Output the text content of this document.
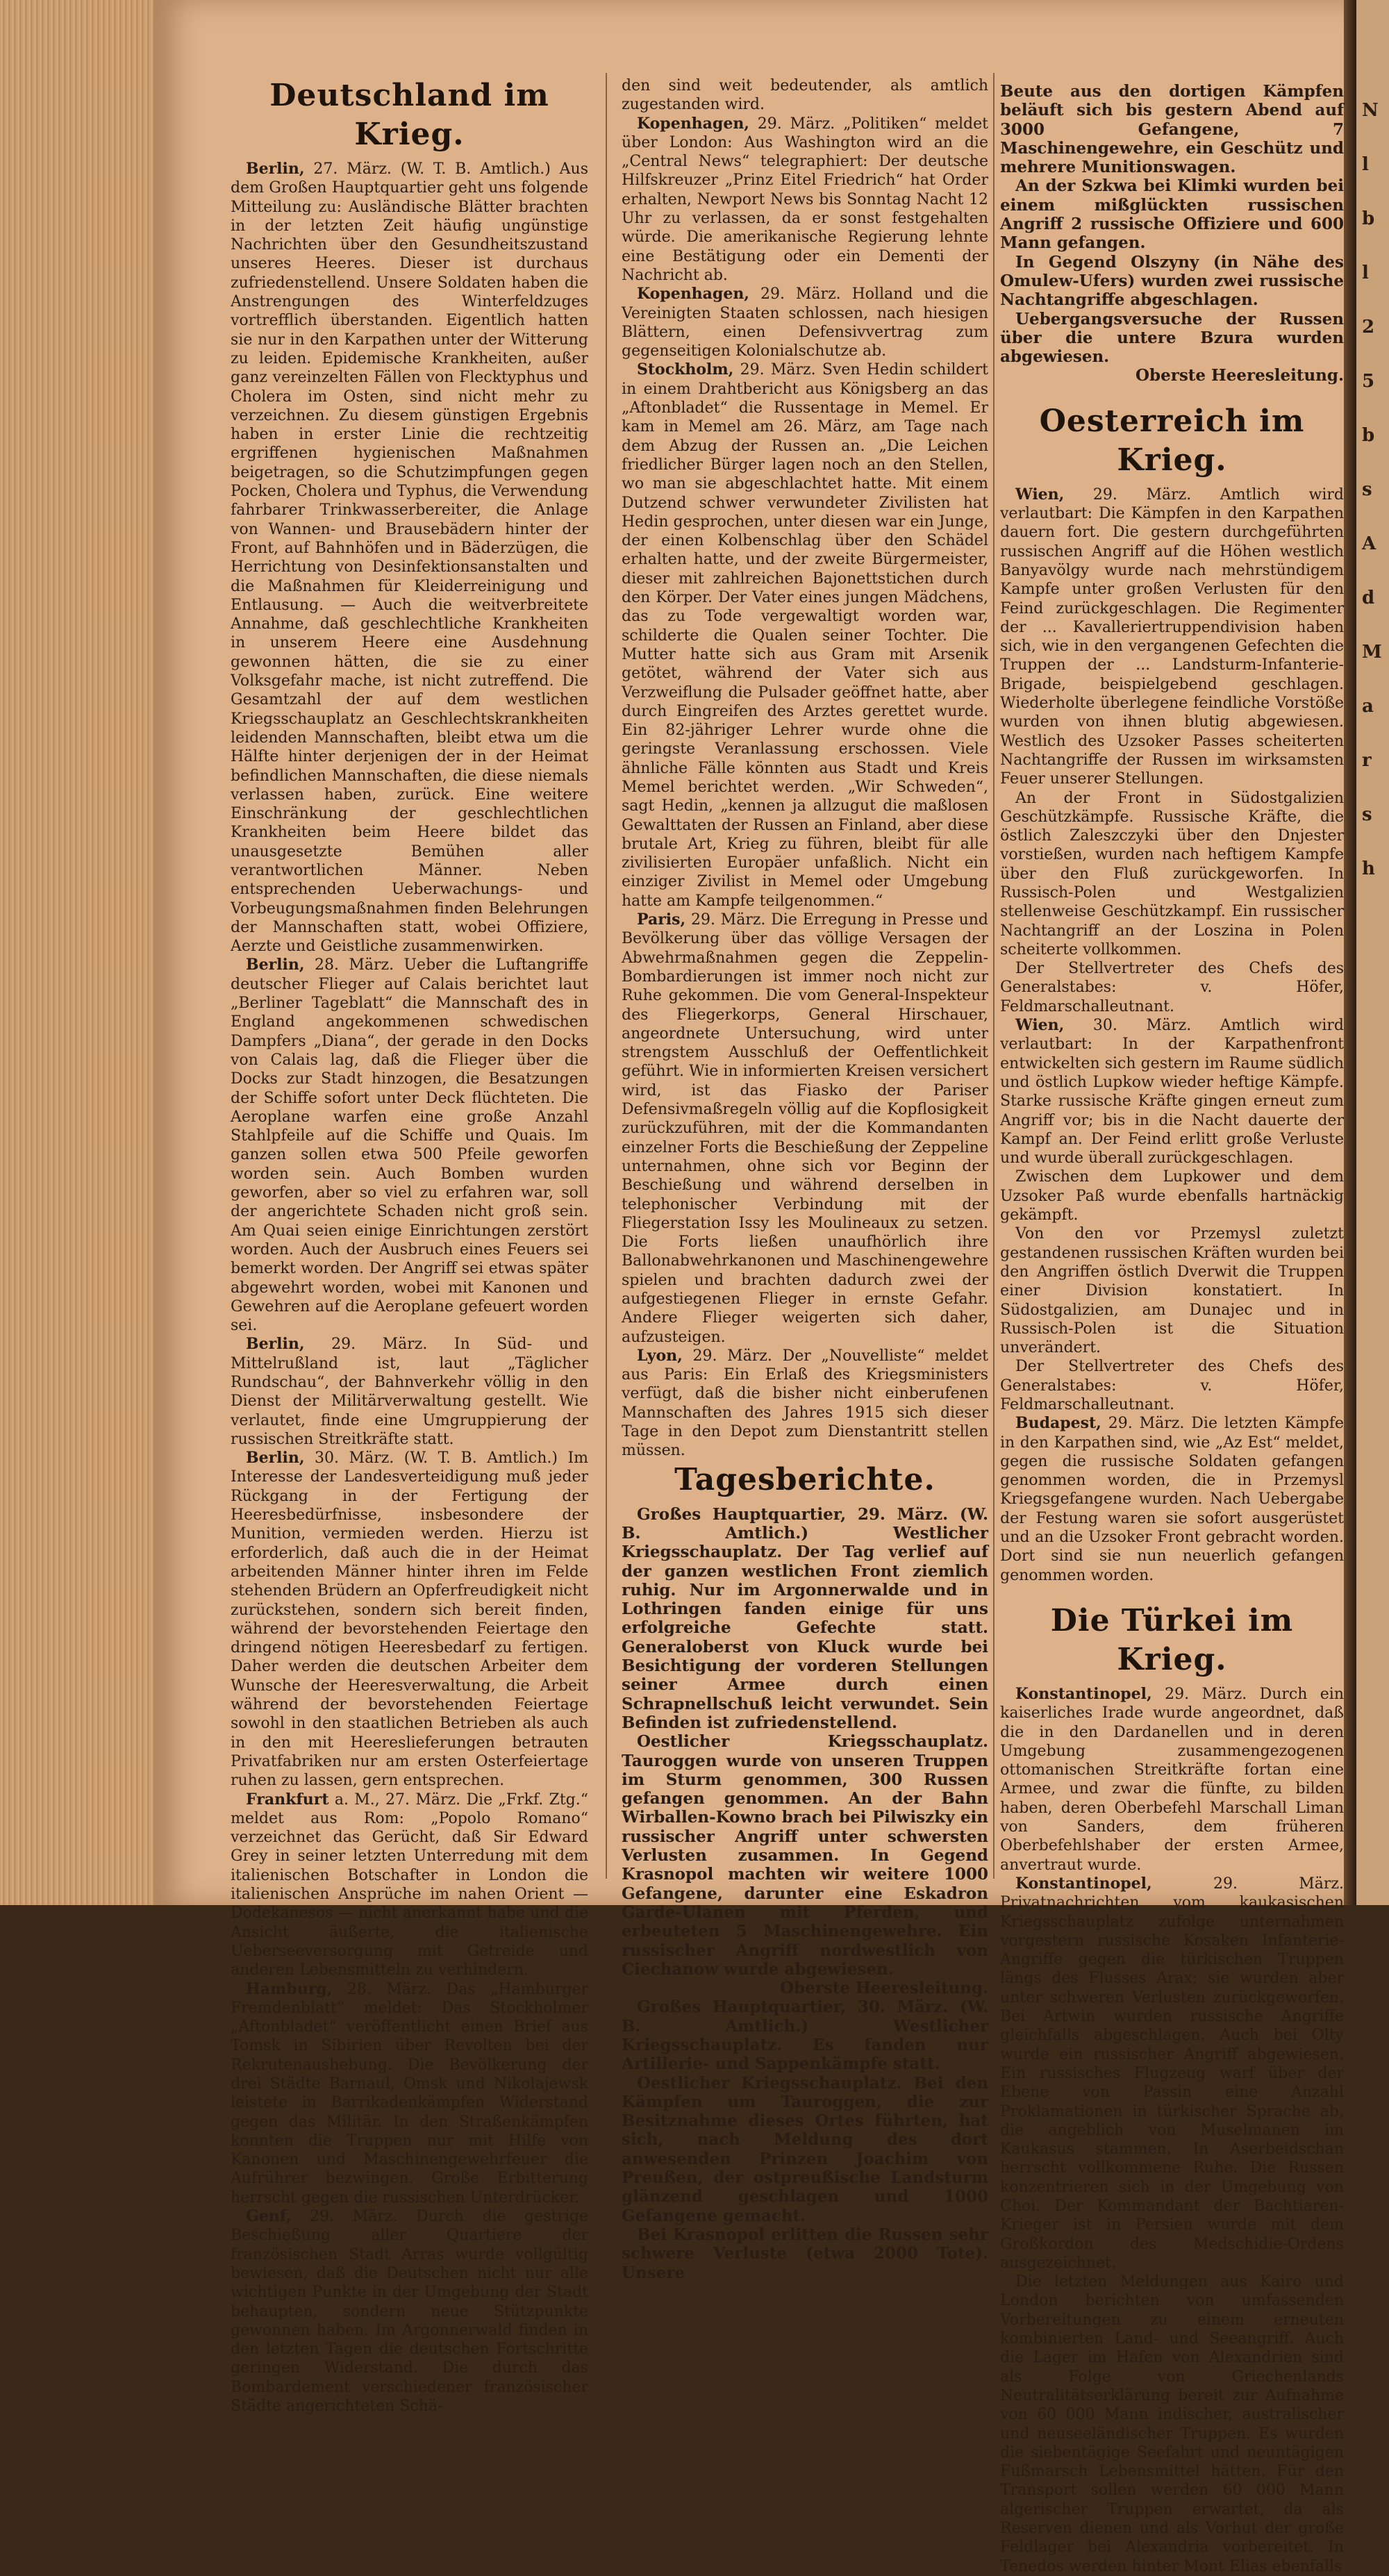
N
l
b
l
2
5
b
s
A
d
M
a
r
s
h
Deutschland im Krieg.

Berlin, 27. März. (W. T. B. Amtlich.) Aus dem Großen Hauptquartier geht uns folgende Mitteilung zu: Ausländische Blätter brachten in der letzten Zeit häufig ungünstige Nachrichten über den Gesundheitszustand unseres Heeres. Dieser ist durchaus zufriedenstellend. Unsere Soldaten haben die Anstrengungen des Winterfeldzuges vortrefflich überstanden. Eigentlich hatten sie nur in den Karpathen unter der Witterung zu leiden. Epidemische Krankheiten, außer ganz vereinzelten Fällen von Flecktyphus und Cholera im Osten, sind nicht mehr zu verzeichnen. Zu diesem günstigen Ergebnis haben in erster Linie die rechtzeitig ergriffenen hygienischen Maßnahmen beigetragen, so die Schutzimpfungen gegen Pocken, Cholera und Typhus, die Verwendung fahrbarer Trinkwasserbereiter, die Anlage von Wannen- und Brausebädern hinter der Front, auf Bahnhöfen und in Bäderzügen, die Herrichtung von Desinfektionsanstalten und die Maßnahmen für Kleiderreinigung und Entlausung. — Auch die weitverbreitete Annahme, daß geschlechtliche Krankheiten in unserem Heere eine Ausdehnung gewonnen hätten, die sie zu einer Volksgefahr mache, ist nicht zutreffend. Die Gesamtzahl der auf dem westlichen Kriegsschauplatz an Geschlechtskrankheiten leidenden Mannschaften, bleibt etwa um die Hälfte hinter derjenigen der in der Heimat befindlichen Mannschaften, die diese niemals verlassen haben, zurück. Eine weitere Einschränkung der geschlechtlichen Krankheiten beim Heere bildet das unausgesetzte Bemühen aller verantwortlichen Männer. Neben entsprechenden Ueberwachungs- und Vorbeugungsmaßnahmen finden Belehrungen der Mannschaften statt, wobei Offiziere, Aerzte und Geistliche zusammenwirken.

Berlin, 28. März. Ueber die Luftangriffe deutscher Flieger auf Calais berichtet laut „Berliner Tageblatt“ die Mannschaft des in England angekommenen schwedischen Dampfers „Diana“, der gerade in den Docks von Calais lag, daß die Flieger über die Docks zur Stadt hinzogen, die Besatzungen der Schiffe sofort unter Deck flüchteten. Die Aeroplane warfen eine große Anzahl Stahlpfeile auf die Schiffe und Quais. Im ganzen sollen etwa 500 Pfeile geworfen worden sein. Auch Bomben wurden geworfen, aber so viel zu erfahren war, soll der angerichtete Schaden nicht groß sein. Am Quai seien einige Einrichtungen zerstört worden. Auch der Ausbruch eines Feuers sei bemerkt worden. Der Angriff sei etwas später abgewehrt worden, wobei mit Kanonen und Gewehren auf die Aeroplane gefeuert worden sei.

Berlin, 29. März. In Süd- und Mittelrußland ist, laut „Täglicher Rundschau“, der Bahnverkehr völlig in den Dienst der Militärverwaltung gestellt. Wie verlautet, finde eine Umgruppierung der russischen Streitkräfte statt.

Berlin, 30. März. (W. T. B. Amtlich.) Im Interesse der Landesverteidigung muß jeder Rückgang in der Fertigung der Heeresbedürfnisse, insbesondere der Munition, vermieden werden. Hierzu ist erforderlich, daß auch die in der Heimat arbeitenden Männer hinter ihren im Felde stehenden Brüdern an Opferfreudigkeit nicht zurückstehen, sondern sich bereit finden, während der bevorstehenden Feiertage den dringend nötigen Heeresbedarf zu fertigen. Daher werden die deutschen Arbeiter dem Wunsche der Heeresverwaltung, die Arbeit während der bevorstehenden Feiertage sowohl in den staatlichen Betrieben als auch in den mit Heereslieferungen betrauten Privatfabriken nur am ersten Osterfeiertage ruhen zu lassen, gern entsprechen.

Frankfurt a. M., 27. März. Die „Frkf. Ztg.“ meldet aus Rom: „Popolo Romano“ verzeichnet das Gerücht, daß Sir Edward Grey in seiner letzten Unterredung mit dem italienischen Botschafter in London die italienischen Ansprüche im nahen Orient — Dodekanesos — nicht anerkannt habe und die Ansicht äußerte, die italienische Ueberseeversorgung mit Getreide und anderen Lebensmitteln zu verhindern.

Hamburg, 28. März. Das „Hamburger Fremdenblatt“ meldet: Das Stockholmer „Aftonbladet“ veröffentlicht einen Brief aus Tomsk in Sibirien über Revolten bei der Rekrutenaushebung. Die Bevölkerung der drei Städte Barnaul, Omsk und Nikolajewsk leistete in Barrikadenkämpfen Widerstand gegen das Militär. In den Straßenkämpfen konnten die Truppen nur mit Hilfe von Kanonen und Maschinengewehrfeuer die Aufrührer bezwingen. Große Erbitterung herrscht gegen die russischen Unterdrücker.

Genf, 29. März. Durch die gestrige Beschießung aller Quartiere der französischen Stadt Arras wurde vollgültig bewiesen, daß die Deutschen nicht nur alle wichtigen Punkte in der Umgebung der Stadt behaupten, sondern neue Stützpunkte gewonnen haben. Im Argonnerwald finden in den letzten Tagen die deutschen Fortschritte geringen Widerstand. Die durch das Bombardement verschiedener französischer Städte angerichteten Schä-

den sind weit bedeutender, als amtlich zugestanden wird.

Kopenhagen, 29. März. „Politiken“ meldet über London: Aus Washington wird an die „Central News“ telegraphiert: Der deutsche Hilfskreuzer „Prinz Eitel Friedrich“ hat Order erhalten, Newport News bis Sonntag Nacht 12 Uhr zu verlassen, da er sonst festgehalten würde. Die amerikanische Regierung lehnte eine Bestätigung oder ein Dementi der Nachricht ab.

Kopenhagen, 29. März. Holland und die Vereinigten Staaten schlossen, nach hiesigen Blättern, einen Defensivvertrag zum gegenseitigen Kolonialschutze ab.

Stockholm, 29. März. Sven Hedin schildert in einem Drahtbericht aus Königsberg an das „Aftonbladet“ die Russentage in Memel. Er kam in Memel am 26. März, am Tage nach dem Abzug der Russen an. „Die Leichen friedlicher Bürger lagen noch an den Stellen, wo man sie abgeschlachtet hatte. Mit einem Dutzend schwer verwundeter Zivilisten hat Hedin gesprochen, unter diesen war ein Junge, der einen Kolbenschlag über den Schädel erhalten hatte, und der zweite Bürgermeister, dieser mit zahlreichen Bajonettstichen durch den Körper. Der Vater eines jungen Mädchens, das zu Tode vergewaltigt worden war, schilderte die Qualen seiner Tochter. Die Mutter hatte sich aus Gram mit Arsenik getötet, während der Vater sich aus Verzweiflung die Pulsader geöffnet hatte, aber durch Eingreifen des Arztes gerettet wurde. Ein 82-jähriger Lehrer wurde ohne die geringste Veranlassung erschossen. Viele ähnliche Fälle könnten aus Stadt und Kreis Memel berichtet werden. „Wir Schweden“, sagt Hedin, „kennen ja allzugut die maßlosen Gewalttaten der Russen an Finland, aber diese brutale Art, Krieg zu führen, bleibt für alle zivilisierten Europäer unfaßlich. Nicht ein einziger Zivilist in Memel oder Umgebung hatte am Kampfe teilgenommen.“

Paris, 29. März. Die Erregung in Presse und Bevölkerung über das völlige Versagen der Abwehrmaßnahmen gegen die Zeppelin-Bombardierungen ist immer noch nicht zur Ruhe gekommen. Die vom General-Inspekteur des Fliegerkorps, General Hirschauer, angeordnete Untersuchung, wird unter strengstem Ausschluß der Oeffentlichkeit geführt. Wie in informierten Kreisen versichert wird, ist das Fiasko der Pariser Defensivmaßregeln völlig auf die Kopflosigkeit zurückzuführen, mit der die Kommandanten einzelner Forts die Beschießung der Zeppeline unternahmen, ohne sich vor Beginn der Beschießung und während derselben in telephonischer Verbindung mit der Fliegerstation Issy les Moulineaux zu setzen. Die Forts ließen unaufhörlich ihre Ballonabwehrkanonen und Maschinengewehre spielen und brachten dadurch zwei der aufgestiegenen Flieger in ernste Gefahr. Andere Flieger weigerten sich daher, aufzusteigen.

Lyon, 29. März. Der „Nouvelliste“ meldet aus Paris: Ein Erlaß des Kriegsministers verfügt, daß die bisher nicht einberufenen Mannschaften des Jahres 1915 sich dieser Tage in den Depot zum Dienstantritt stellen müssen.

Tagesberichte.

Großes Hauptquartier, 29. März. (W. B. Amtlich.) Westlicher Kriegsschauplatz. Der Tag verlief auf der ganzen westlichen Front ziemlich ruhig. Nur im Argonnerwalde und in Lothringen fanden einige für uns erfolgreiche Gefechte statt. Generaloberst von Kluck wurde bei Besichtigung der vorderen Stellungen seiner Armee durch einen Schrapnellschuß leicht verwundet. Sein Befinden ist zufriedenstellend.

Oestlicher Kriegsschauplatz. Tauroggen wurde von unseren Truppen im Sturm genommen, 300 Russen gefangen genommen. An der Bahn Wirballen-Kowno brach bei Pilwiszky ein russischer Angriff unter schwersten Verlusten zusammen. In Gegend Krasnopol machten wir weitere 1000 Gefangene, darunter eine Eskadron Garde-Ulanen mit Pferden, und erbeuteten 5 Maschinengewehre. Ein russischer Angriff nordwestlich von Ciechanow wurde abgewiesen.

Oberste Heeresleitung.

Großes Hauptquartier, 30. März. (W. B. Amtlich.) Westlicher Kriegsschauplatz. Es fanden nur Artillerie- und Sappenkämpfe statt.

Oestlicher Kriegsschauplatz. Bei den Kämpfen um Tauroggen, die zur Besitznahme dieses Ortes führten, hat sich, nach Meldung des dort anwesenden Prinzen Joachim von Preußen, der ostpreußische Landsturm glänzend geschlagen und 1000 Gefangene gemacht.

Bei Krasnopol erlitten die Russen sehr schwere Verluste (etwa 2000 Tote). Unsere

Beute aus den dortigen Kämpfen beläuft sich bis gestern Abend auf 3000 Gefangene, 7 Maschinengewehre, ein Geschütz und mehrere Munitionswagen.

An der Szkwa bei Klimki wurden bei einem mißglückten russischen Angriff 2 russische Offiziere und 600 Mann gefangen.

In Gegend Olszyny (in Nähe des Omulew-Ufers) wurden zwei russische Nachtangriffe abgeschlagen.

Uebergangsversuche der Russen über die untere Bzura wurden abgewiesen.

Oberste Heeresleitung.

Oesterreich im Krieg.

Wien, 29. März. Amtlich wird verlautbart: Die Kämpfen in den Karpathen dauern fort. Die gestern durchgeführten russischen Angriff auf die Höhen westlich Banyavölgy wurde nach mehrstündigem Kampfe unter großen Verlusten für den Feind zurückgeschlagen. Die Regimenter der ... Kavalleriertruppendivision haben sich, wie in den vergangenen Gefechten die Truppen der ... Landsturm-Infanterie-Brigade, beispielgebend geschlagen. Wiederholte überlegene feindliche Vorstöße wurden von ihnen blutig abgewiesen. Westlich des Uzsoker Passes scheiterten Nachtangriffe der Russen im wirksamsten Feuer unserer Stellungen.

An der Front in Südostgalizien Geschützkämpfe. Russische Kräfte, die östlich Zaleszczyki über den Dnjester vorstießen, wurden nach heftigem Kampfe über den Fluß zurückgeworfen. In Russisch-Polen und Westgalizien stellenweise Geschützkampf. Ein russischer Nachtangriff an der Loszina in Polen scheiterte vollkommen.

Der Stellvertreter des Chefs des Generalstabes: v. Höfer, Feldmarschalleutnant.

Wien, 30. März. Amtlich wird verlautbart: In der Karpathenfront entwickelten sich gestern im Raume südlich und östlich Lupkow wieder heftige Kämpfe. Starke russische Kräfte gingen erneut zum Angriff vor; bis in die Nacht dauerte der Kampf an. Der Feind erlitt große Verluste und wurde überall zurückgeschlagen.

Zwischen dem Lupkower und dem Uzsoker Paß wurde ebenfalls hartnäckig gekämpft.

Von den vor Przemysl zuletzt gestandenen russischen Kräften wurden bei den Angriffen östlich Dverwit die Truppen einer Division konstatiert. In Südostgalizien, am Dunajec und in Russisch-Polen ist die Situation unverändert.

Der Stellvertreter des Chefs des Generalstabes: v. Höfer, Feldmarschalleutnant.

Budapest, 29. März. Die letzten Kämpfe in den Karpathen sind, wie „Az Est“ meldet, gegen die russische Soldaten gefangen genommen worden, die in Przemysl Kriegsgefangene wurden. Nach Uebergabe der Festung waren sie sofort ausgerüstet und an die Uzsoker Front gebracht worden. Dort sind sie nun neuerlich gefangen genommen worden.

Die Türkei im Krieg.

Konstantinopel, 29. März. Durch ein kaiserliches Irade wurde angeordnet, daß die in den Dardanellen und in deren Umgebung zusammengezogenen ottomanischen Streitkräfte fortan eine Armee, und zwar die fünfte, zu bilden haben, deren Oberbefehl Marschall Liman von Sanders, dem früheren Oberbefehlshaber der ersten Armee, anvertraut wurde.

Konstantinopel, 29. März. Privatnachrichten vom kaukasischen Kriegsschauplatz zufolge unternahmen vorgestern russische Kosaken Infanterie-Angriffe gegen die türkischen Truppen längs des Flusses Arax; sie wurden aber unter schweren Verlusten zurückgeworfen. Bei Artwin wurden russische Angriffe gleichfalls abgeschlagen. Auch bei Olty wurde ein russischer Angriff abgewiesen. Ein russisches Flugzeug warf über der Ebene von Passin eine Anzahl Proklamationen in türkischer Sprache ab, die angeblich von Muselmanen im Kaukasus stammen. In Aserbeidschan herrscht vollkommene Ruhe. Die Russen konzentrieren sich in der Umgebung von Choi. Der Kommandant der Bachtiaren-Krieger ist in Persien wurde mit dem Großkordon des Medschidie-Ordens ausgezeichnet.

Die letzten Meldungen aus Kairo und London berichten von umfassenden Vorbereitungen zu einem erneuten kombinierten Land- und Seeangriff. Auch die Lager im Hafen von Alexandrien sind als Folge von Griechenlands Neutralitätserklärung bereit zur Aufnahme von 60 000 Mann indischer, australischer und neuseeländischer Truppen. Es wurden die siebentägige Seefahrt und neuntägigen Fußmarsch Lebensmittel hätten. Für den Transport sollen werden 60 000 Mann algerischer Truppen erwartet, da als Reserven dienen und als Vorhut der große Feldlager bei Alexandria vorbereitet. In Tenedos werden hinter Mont Elias ebenfalls
